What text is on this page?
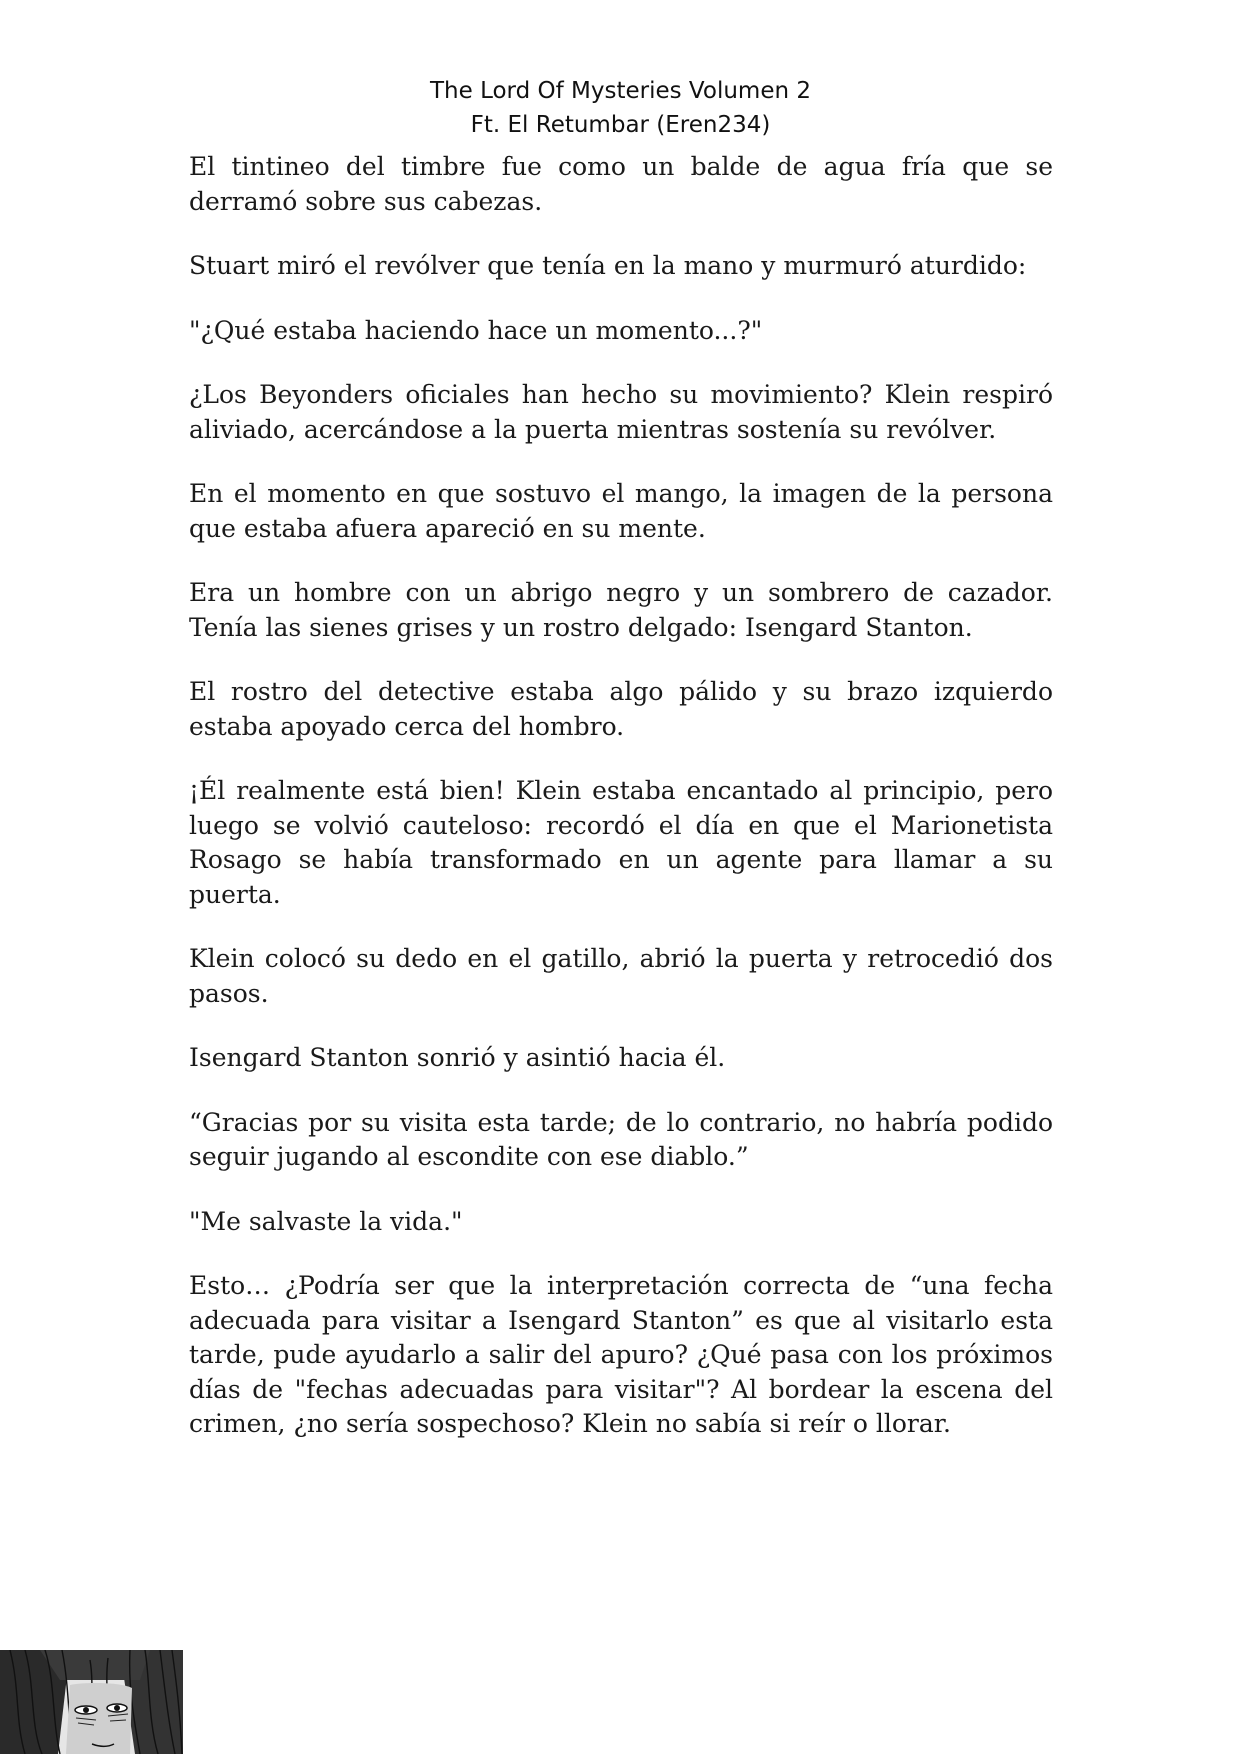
The Lord Of Mysteries Volumen 2
Ft. El Retumbar (Eren234)

El tintineo del timbre fue como un balde de agua fría que se derramó sobre sus cabezas.

Stuart miró el revólver que tenía en la mano y murmuró aturdido:

"¿Qué estaba haciendo hace un momento...?"

¿Los Beyonders oficiales han hecho su movimiento? Klein respiró aliviado, acercándose a la puerta mientras sostenía su revólver.

En el momento en que sostuvo el mango, la imagen de la persona que estaba afuera apareció en su mente.

Era un hombre con un abrigo negro y un sombrero de cazador. Tenía las sienes grises y un rostro delgado: Isengard Stanton.

El rostro del detective estaba algo pálido y su brazo izquierdo estaba apoyado cerca del hombro.

¡Él realmente está bien! Klein estaba encantado al principio, pero luego se volvió cauteloso: recordó el día en que el Marionetista Rosago se había transformado en un agente para llamar a su puerta.

Klein colocó su dedo en el gatillo, abrió la puerta y retrocedió dos pasos.

Isengard Stanton sonrió y asintió hacia él.

“Gracias por su visita esta tarde; de lo contrario, no habría podido seguir jugando al escondite con ese diablo.”

"Me salvaste la vida."

Esto… ¿Podría ser que la interpretación correcta de “una fecha adecuada para visitar a Isengard Stanton” es que al visitarlo esta tarde, pude ayudarlo a salir del apuro? ¿Qué pasa con los próximos días de "fechas adecuadas para visitar"? Al bordear la escena del crimen, ¿no sería sospechoso? Klein no sabía si reír o llorar.
